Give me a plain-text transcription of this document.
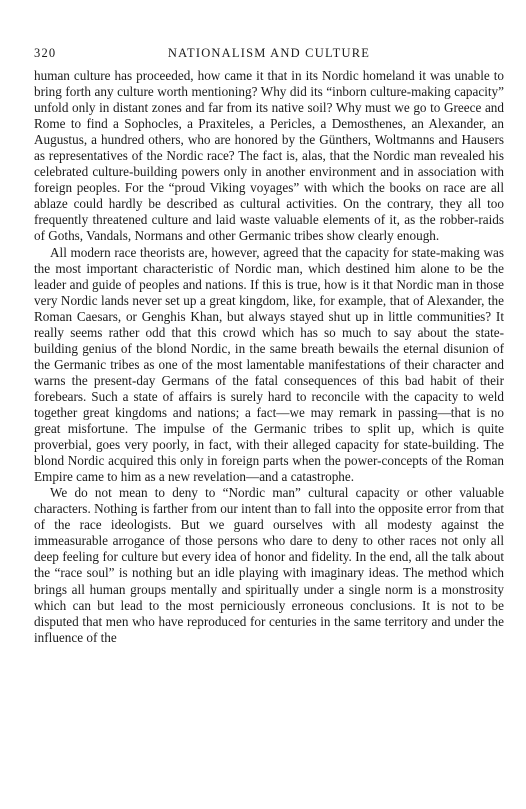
320	NATIONALISM AND CULTURE

human culture has proceeded, how came it that in its Nordic homeland it was unable to bring forth any culture worth mentioning? Why did its “inborn culture-making capacity” unfold only in distant zones and far from its native soil? Why must we go to Greece and Rome to find a Sophocles, a Praxiteles, a Pericles, a Demosthenes, an Alexander, an Augustus, a hundred others, who are honored by the Günthers, Woltmanns and Hausers as representatives of the Nordic race? The fact is, alas, that the Nordic man revealed his celebrated culture-building powers only in another environment and in association with foreign peoples. For the “proud Viking voyages” with which the books on race are all ablaze could hardly be described as cultural activities. On the contrary, they all too frequently threatened culture and laid waste valuable elements of it, as the robber-raids of Goths, Vandals, Normans and other Germanic tribes show clearly enough.

All modern race theorists are, however, agreed that the capacity for state-making was the most important characteristic of Nordic man, which destined him alone to be the leader and guide of peoples and nations. If this is true, how is it that Nordic man in those very Nordic lands never set up a great kingdom, like, for example, that of Alexander, the Roman Caesars, or Genghis Khan, but always stayed shut up in little communities? It really seems rather odd that this crowd which has so much to say about the state-building genius of the blond Nordic, in the same breath bewails the eternal disunion of the Germanic tribes as one of the most lamentable manifestations of their character and warns the present-day Germans of the fatal consequences of this bad habit of their forebears. Such a state of affairs is surely hard to reconcile with the capacity to weld together great kingdoms and nations; a fact—we may remark in passing—that is no great misfortune. The impulse of the Germanic tribes to split up, which is quite proverbial, goes very poorly, in fact, with their alleged capacity for state-building. The blond Nordic acquired this only in foreign parts when the power-concepts of the Roman Empire came to him as a new revelation—and a catastrophe.

We do not mean to deny to “Nordic man” cultural capacity or other valuable characters. Nothing is farther from our intent than to fall into the opposite error from that of the race ideologists. But we guard ourselves with all modesty against the immeasurable arrogance of those persons who dare to deny to other races not only all deep feeling for culture but every idea of honor and fidelity. In the end, all the talk about the “race soul” is nothing but an idle playing with imaginary ideas. The method which brings all human groups mentally and spiritually under a single norm is a monstrosity which can but lead to the most perniciously erroneous conclusions. It is not to be disputed that men who have reproduced for centuries in the same territory and under the influence of the
